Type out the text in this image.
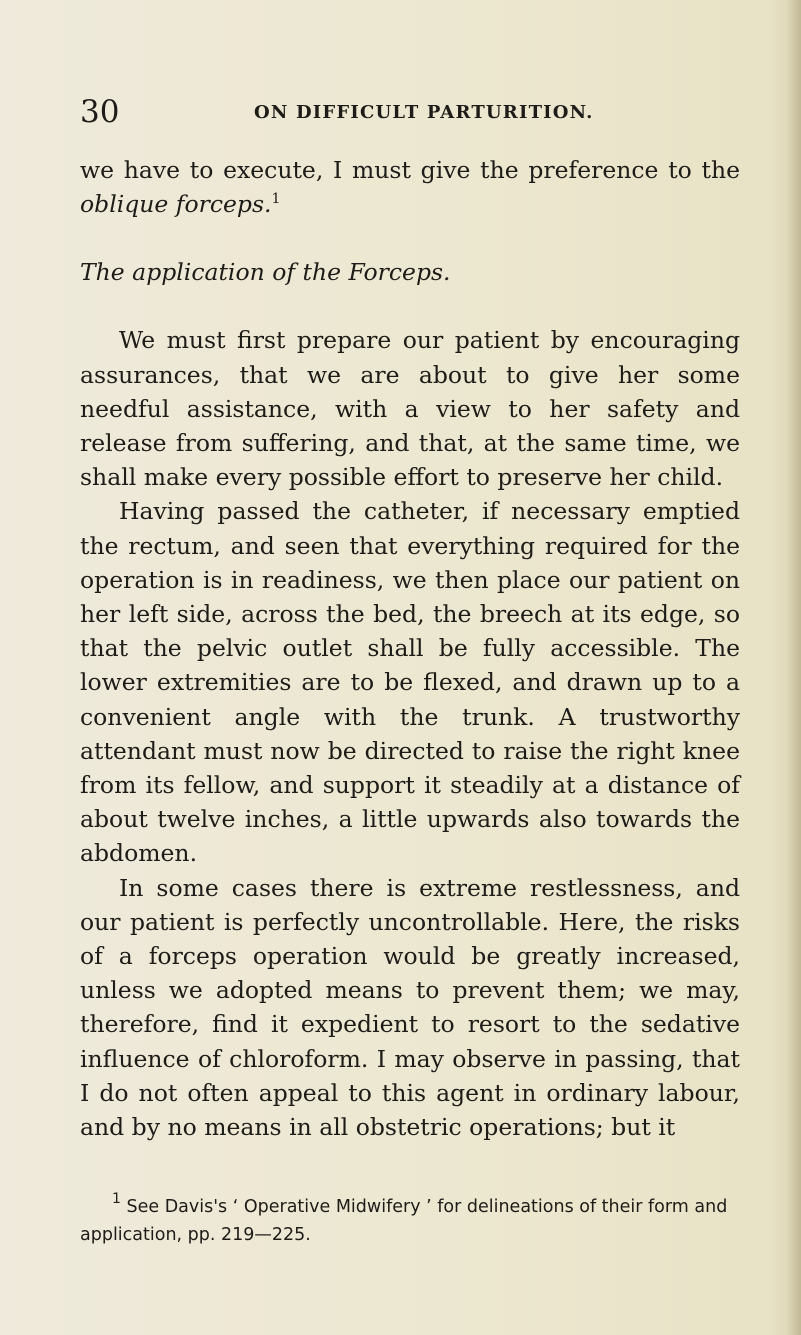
30	ON DIFFICULT PARTURITION.

we have to execute, I must give the preference to the oblique forceps.$^1$

The application of the Forceps.

We must first prepare our patient by encouraging assurances, that we are about to give her some needful assistance, with a view to her safety and release from suffering, and that, at the same time, we shall make every possible effort to preserve her child.

Having passed the catheter, if necessary emptied the rectum, and seen that everything required for the operation is in readiness, we then place our patient on her left side, across the bed, the breech at its edge, so that the pelvic outlet shall be fully accessible. The lower extremities are to be flexed, and drawn up to a convenient angle with the trunk. A trustworthy attendant must now be directed to raise the right knee from its fellow, and support it steadily at a distance of about twelve inches, a little upwards also towards the abdomen.

In some cases there is extreme restlessness, and our patient is perfectly uncontrollable. Here, the risks of a forceps operation would be greatly increased, unless we adopted means to prevent them; we may, therefore, find it expedient to resort to the sedative influence of chloroform. I may observe in passing, that I do not often appeal to this agent in ordinary labour, and by no means in all obstetric operations; but it

$^1$ See Davis's ‘ Operative Midwifery ’ for delineations of their form and application, pp. 219—225.
